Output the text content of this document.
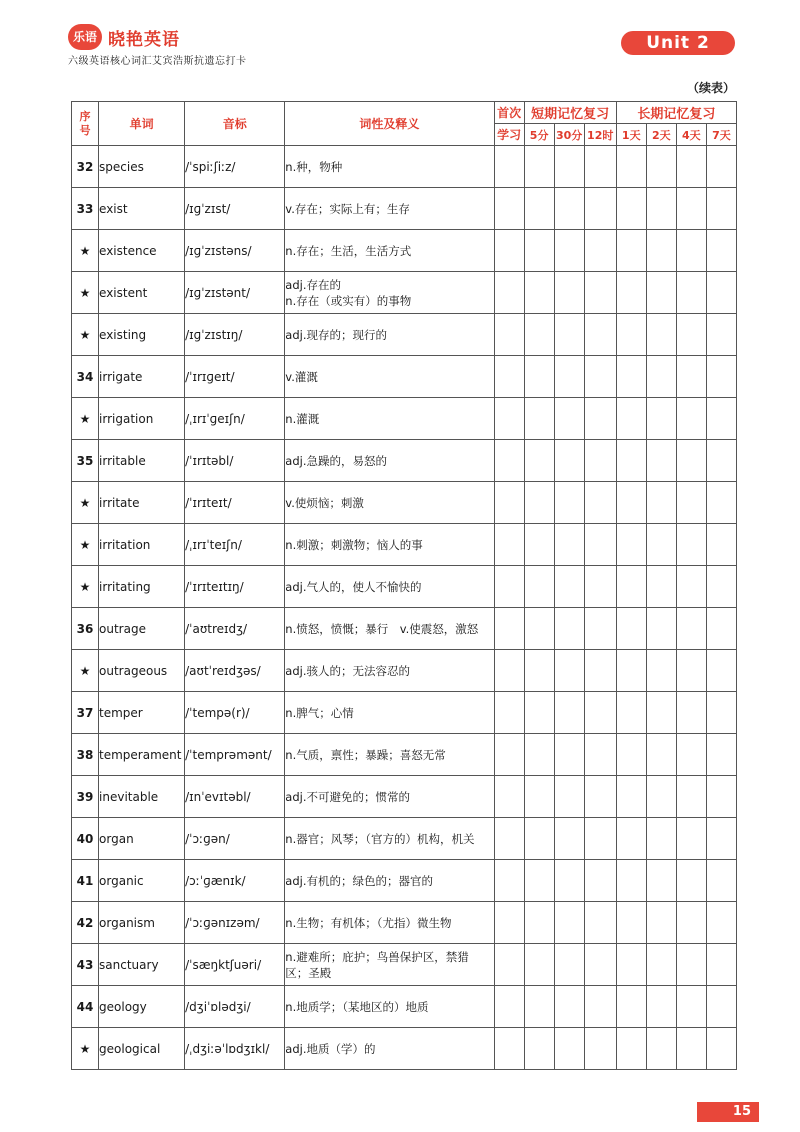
乐语 晓艳英语
六级英语核心词汇艾宾浩斯抗遗忘打卡
Unit 2
（续表）
序号	单词	音标	词性及释义	首次	短期记忆复习			长期记忆复习			
				学习	5分	30分	12时	1天	2天	4天	7天
32	species	/ˈspiːʃiːz/	n.种，物种								

33	exist	/ɪɡˈzɪst/	v.存在；实际上有；生存								

★	existence	/ɪɡˈzɪstəns/	n.存在；生活，生活方式								

★	existent	/ɪɡˈzɪstənt/	adj.存在的
n.存在（或实有）的事物								

★	existing	/ɪɡˈzɪstɪŋ/	adj.现存的；现行的								

34	irrigate	/ˈɪrɪɡeɪt/	v.灌溉								

★	irrigation	/ˌɪrɪˈɡeɪʃn/	n.灌溉								

35	irritable	/ˈɪrɪtəbl/	adj.急躁的，易怒的								

★	irritate	/ˈɪrɪteɪt/	v.使烦恼；刺激								

★	irritation	/ˌɪrɪˈteɪʃn/	n.刺激；刺激物；恼人的事								

★	irritating	/ˈɪrɪteɪtɪŋ/	adj.气人的，使人不愉快的								

36	outrage	/ˈaʊtreɪdʒ/	n.愤怒，愤慨；暴行　v.使震怒，激怒								

★	outrageous	/aʊtˈreɪdʒəs/	adj.骇人的；无法容忍的								

37	temper	/ˈtempə(r)/	n.脾气；心情								

38	temperament	/ˈtemprəmənt/	n.气质，禀性；暴躁；喜怒无常								

39	inevitable	/ɪnˈevɪtəbl/	adj.不可避免的；惯常的								

40	organ	/ˈɔːɡən/	n.器官；风琴；（官方的）机构，机关								

41	organic	/ɔːˈɡænɪk/	adj.有机的；绿色的；器官的								

42	organism	/ˈɔːɡənɪzəm/	n.生物；有机体；（尤指）微生物								

43	sanctuary	/ˈsæŋktʃuəri/	n.避难所；庇护；鸟兽保护区，禁猎
区；圣殿								

44	geology	/dʒiˈɒlədʒi/	n.地质学；（某地区的）地质								

★	geological	/ˌdʒiːəˈlɒdʒɪkl/	adj.地质（学）的								

15
